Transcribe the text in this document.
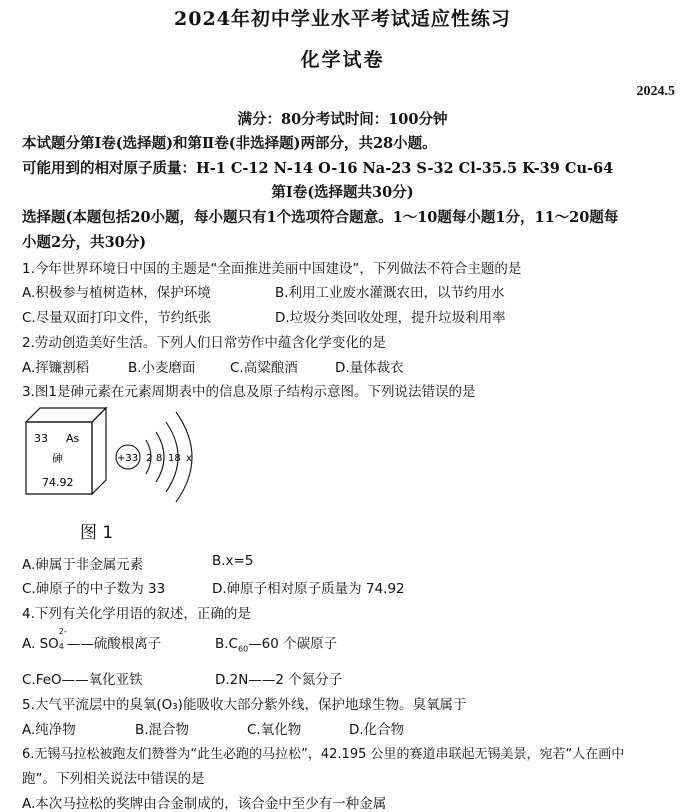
2024年初中学业水平考试适应性练习
化学试卷
2024.5
满分：80分考试时间：100分钟
本试题分第Ⅰ卷(选择题)和第Ⅱ卷(非选择题)两部分，共28小题。
可能用到的相对原子质量：H-1 C-12 N-14 O-16 Na-23 S-32 Cl-35.5 K-39 Cu-64
第Ⅰ卷(选择题共30分)
选择题(本题包括20小题，每小题只有1个选项符合题意。1～10题每小题1分，11～20题每
小题2分，共30分)
1.今年世界环境日中国的主题是“全面推进美丽中国建设”，下列做法不符合主题的是
A.积极参与植树造林，保护环境	B.利用工业废水灌溉农田，以节约用水
C.尽量双面打印文件，节约纸张	D.垃圾分类回收处理，提升垃圾利用率
2.劳动创造美好生活。下列人们日常劳作中蕴含化学变化的是
A.挥镰割稻	B.小麦磨面	C.高粱酿酒	D.量体裁衣
3.图1是砷元素在元素周期表中的信息及原子结构示意图。下列说法错误的是
33 As
砷
74.92
+33 2 8 18 x
图 1
A.砷属于非金属元素	B.x=5
C.砷原子的中子数为 33	D.砷原子相对原子质量为 74.92
4.下列有关化学用语的叙述，正确的是
A. SO
2-
4 ——硫酸根离子	$B.C_{60}—60$ 个碳原子
C.FeO——氧化亚铁	D.2N——2 个氮分子
5.大气平流层中的臭氧(O₃)能吸收大部分紫外线，保护地球生物。臭氧属于
A.纯净物	B.混合物	C.氧化物	D.化合物
6.无锡马拉松被跑友们赞誉为“此生必跑的马拉松”，42.195 公里的赛道串联起无锡美景，宛若“人在画中
跑”。下列相关说法中错误的是
A.本次马拉松的奖牌由合金制成的，该合金中至少有一种金属
